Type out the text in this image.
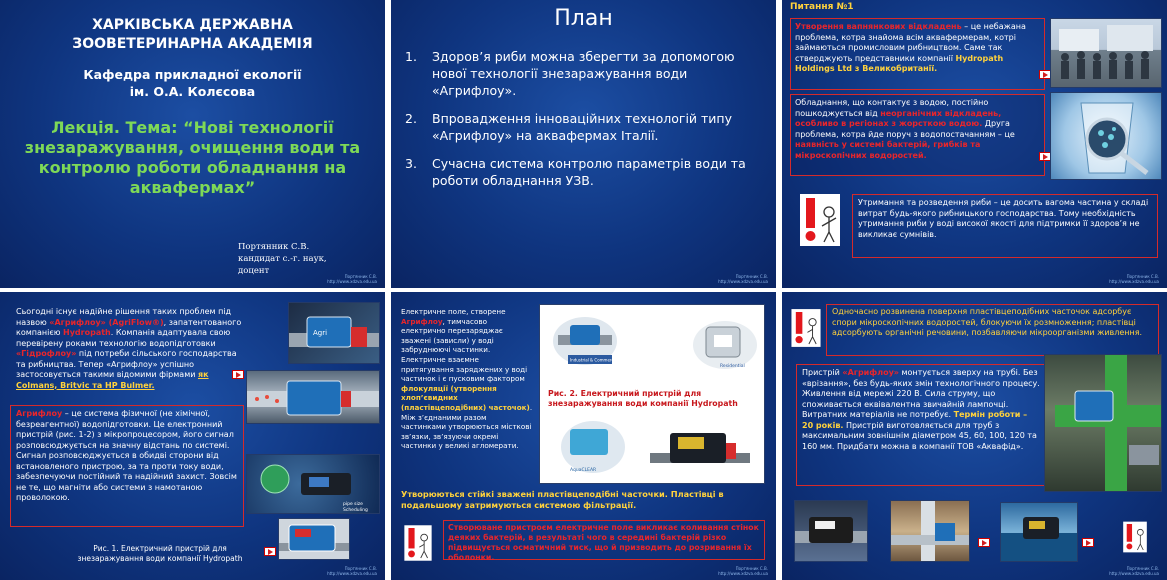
ХАРКІВСЬКА ДЕРЖАВНА ЗООВЕТЕРИНАРНА АКАДЕМІЯ
Кафедра прикладної екології
ім. О.А. Колєсова
Лекція. Тема: “Нові технології знезаражування, очищення води та контролю роботи обладнання на аквафермах”
Портянник С.В.
кандидат с.-г. наук,
доцент
Портянник С.В.
http://www.xdzva.edu.ua
План
1. Здоров’я риби можна зберегти за допомогою нової технології знезаражування води «Агрифлоу».
2. Впровадження інноваційних технологій типу «Агрифлоу» на аквафермах Італії.
3. Сучасна система контролю параметрів води та роботи обладнання УЗВ.
Портянник С.В.
http://www.xdzva.edu.ua
Питання №1
Утворення вапнянкових відкладень – це небажана проблема, котра знайома всім аквафермерам, котрі займаються промисловим рибництвом. Саме так стверджують представники компанії Hydropath Holdings Ltd з Великобританії.
Обладнання, що контактує з водою, постійно пошкоджується від неорганічних відкладень, особливо в регіонах з жорсткою водою. Друга проблема, котра йде поруч з водопостачанням – це наявність у системі бактерій, грибків та мікроскопічних водоростей.
Утримання та розведення риби – це досить вагома частина у складі витрат будь-якого рибницького господарства. Тому необхідність утримання риби у воді високої якості для підтримки її здоров’я не викликає сумнівів.
Портянник С.В.
http://www.xdzva.edu.ua
Сьогодні існує надійне рішення таких проблем під назвою «Агрифлоу» (AgriFlow®), запатентованого компанією Hydropath. Компанія адаптувала свою перевірену роками технологію водопідготовки «Гідрофлоу» під потреби сільського господарства та рибництва. Тепер «Агрифлоу» успішно застосовується такими відомими фірмами як Colmans, Britvic та HP Bulmer.
Agri
Агрифлоу – це система фізичної (не хімічної, безреагентної) водопідготовки. Це електронний пристрій (рис. 1-2) з мікропроцесором, його сигнал розповсюджується на значну відстань по системі. Сигнал розповсюджується в обидві сторони від встановленого пристрою, за та проти току води, забезпечуючи постійний та надійний захист. Зовсім не те, що магніти або системи з намотаною проволокою.
pipe size
Scheduling
Рис. 1. Електричний пристрій для знезаражування води компанії Hydropath
Портянник С.В.
http://www.xdzva.edu.ua
Електричне поле, створене Агрифлоу, тимчасово електрично перезаряджає зважені (зависли) у воді забруднюючі частинки. Електричне взаємне притягування заряджених у воді частинок і є пусковим фактором флокуляції (утворення хлоп’євидних (пластівцеподібних) часточок). Між з’єднаними разом частинками утворюються місткові зв’язки, зв’язуючи окремі частинки у великі агломерати.
Industrial & Commercial
Residential
Рис. 2. Електричний пристрій для знезаражування води компанії Hydropath
AquaCLEAR
Утворюються стійкі зважені пластівцеподібні часточки. Пластівці в подальшому затримуються системою фільтрації.
Створюване пристроєм електричне поле викликає коливання стінок деяких бактерій, в результаті чого в середині бактерій різко підвищується осматичний тиск, що й призводить до розривання їх оболонки.
Портянник С.В.
http://www.xdzva.edu.ua
Одночасно розвинена поверхня пластівцеподібних часточок адсорбує спори мікроскопічних водоростей, блокуючи їх розмноження; пластівці адсорбують органічні речовини, позбавляючи мікроорганізми живлення.
Пристрій «Агрифлоу» монтується зверху на трубі. Без «врізання», без будь-яких змін технологічного процесу. Живлення від мережі 220 В. Сила струму, що споживається еквівалентна звичайній лампочці. Витратних матеріалів не потребує. Термін роботи – 20 років. Пристрій виготовляється для труб з максимальним зовнішнім діаметром 45, 60, 100, 120 та 160 мм. Придбати можна в компанії ТОВ «Аквафід».
Портянник С.В.
http://www.xdzva.edu.ua
